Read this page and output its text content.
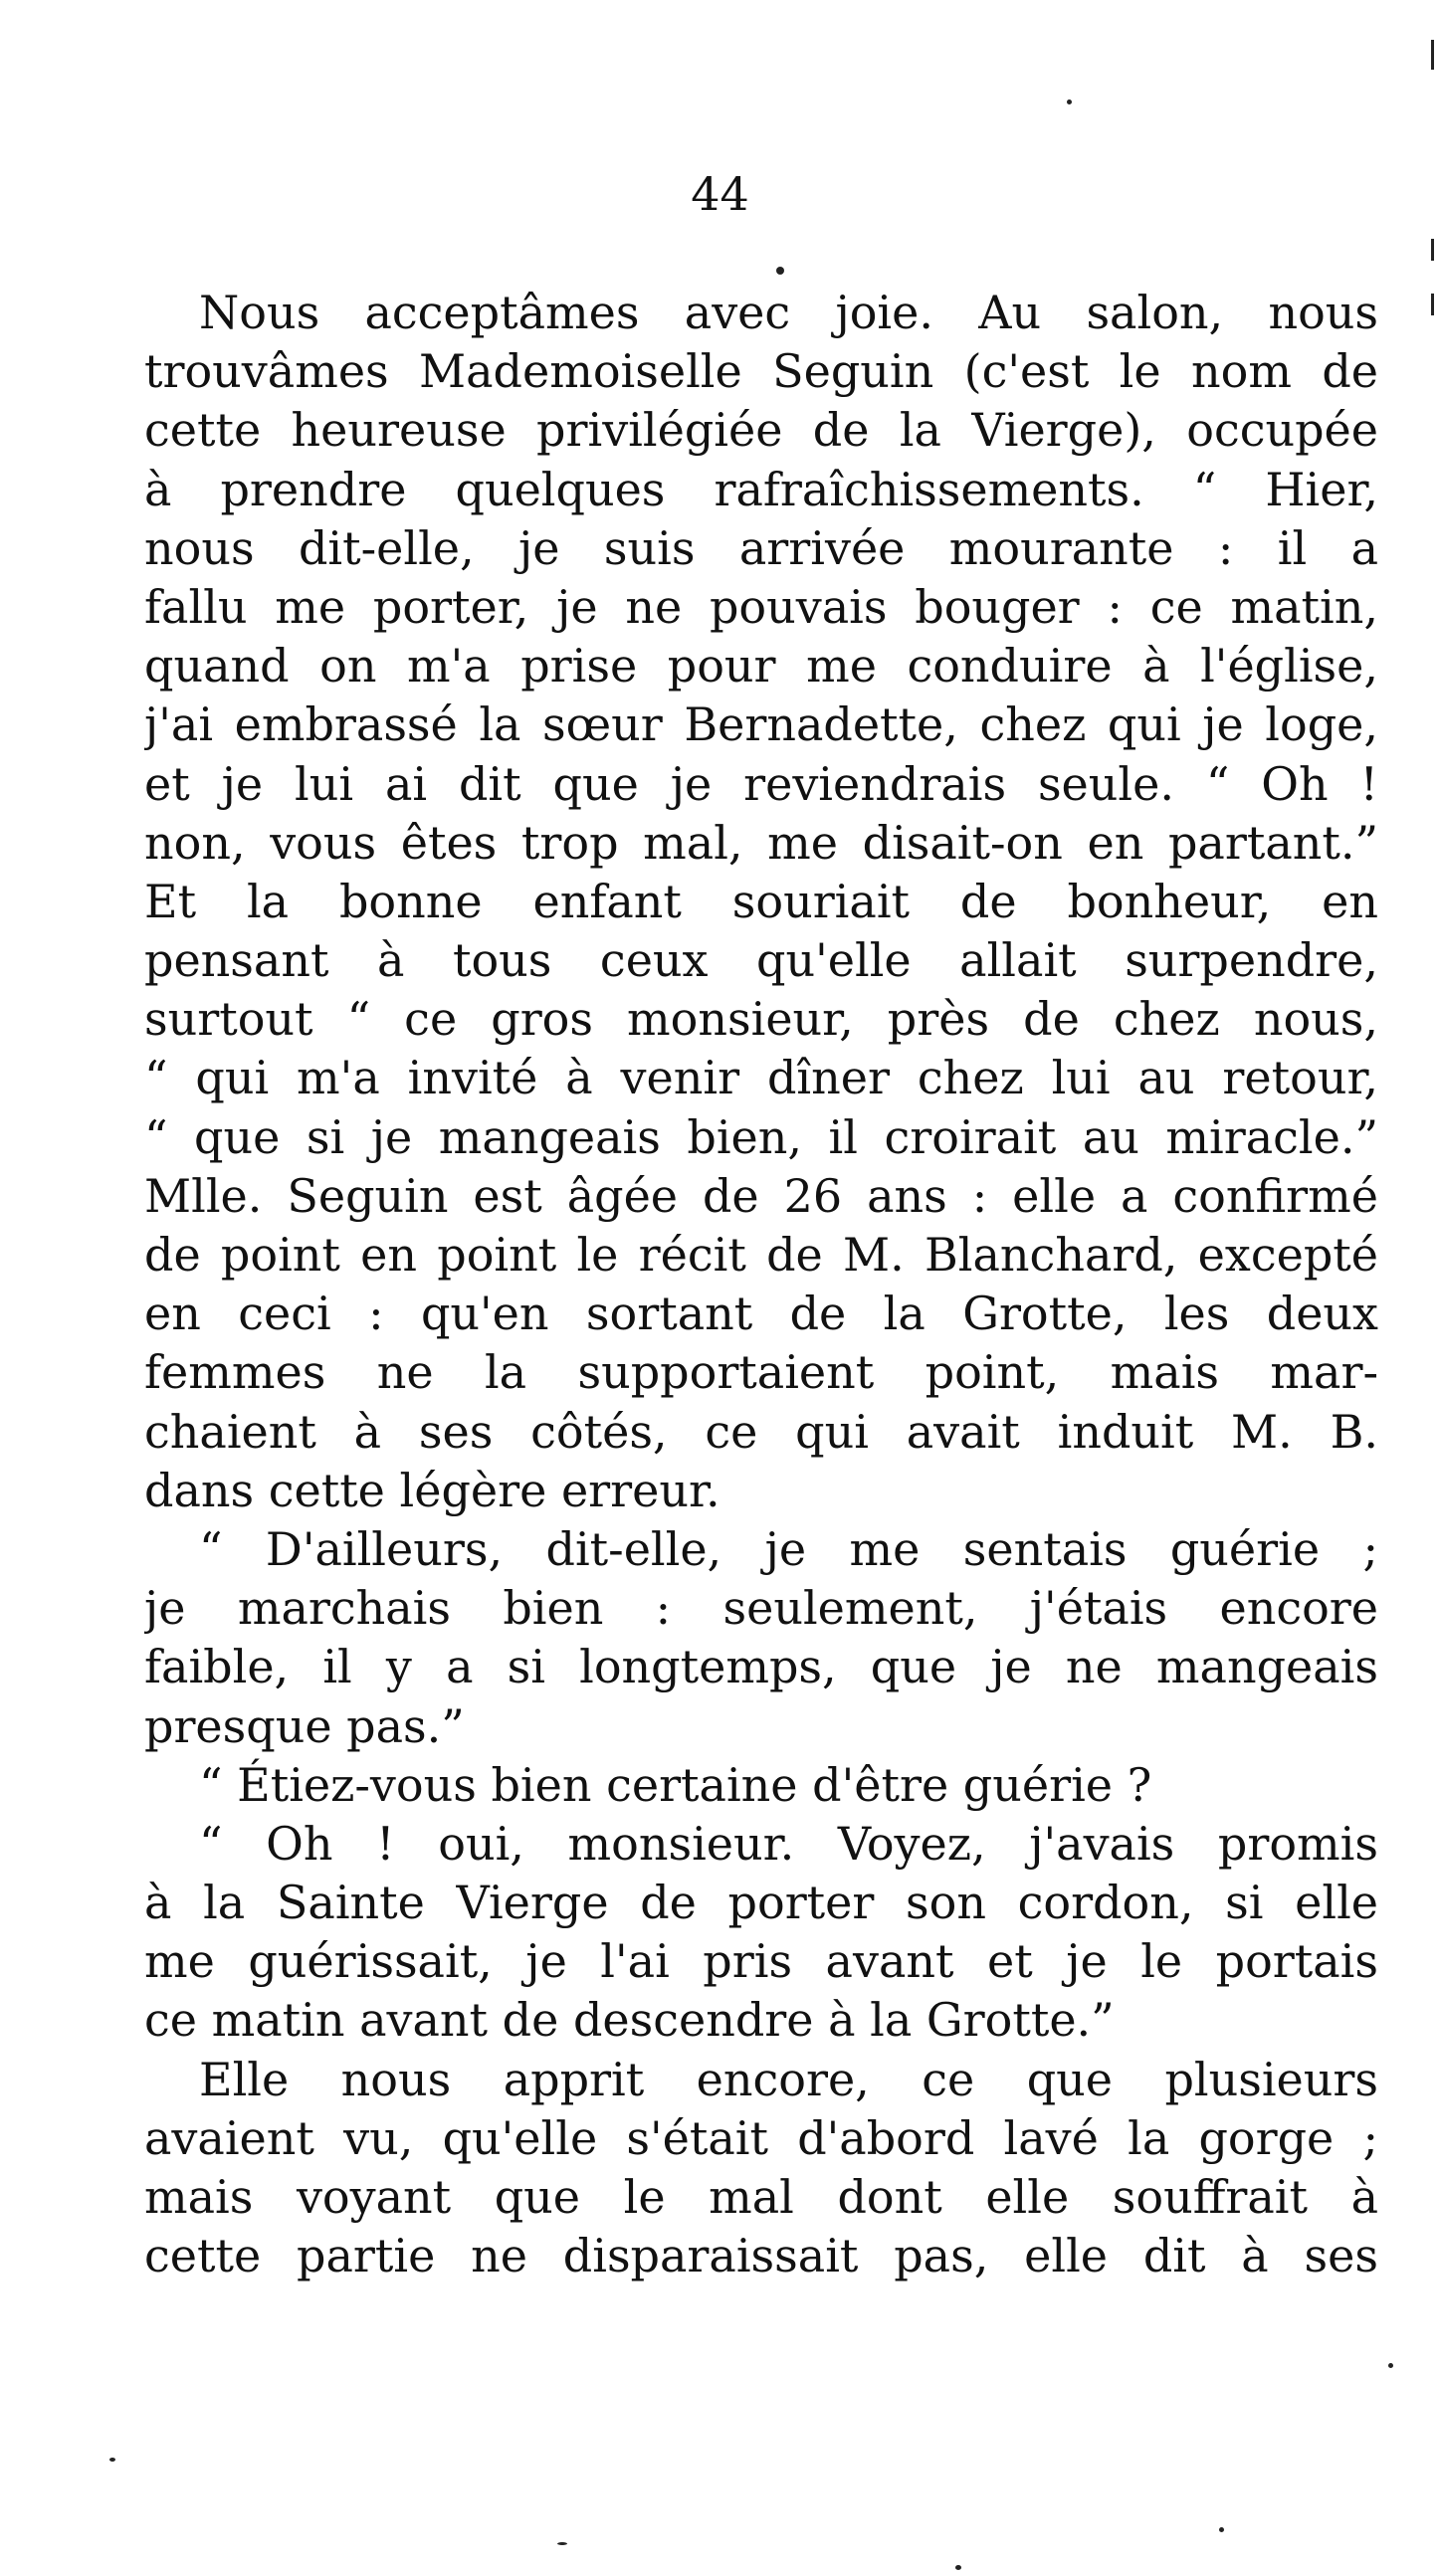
44
Nous acceptâmes avec joie. Au salon, nous
trouvâmes Mademoiselle Seguin (c'est le nom de
cette heureuse privilégiée de la Vierge), occupée
à prendre quelques rafraîchissements. “ Hier,
nous dit-elle, je suis arrivée mourante : il a
fallu me porter, je ne pouvais bouger : ce matin,
quand on m'a prise pour me conduire à l'église,
j'ai embrassé la sœur Bernadette, chez qui je loge,
et je lui ai dit que je reviendrais seule. “ Oh !
non, vous êtes trop mal, me disait-on en partant.”
Et la bonne enfant souriait de bonheur, en
pensant à tous ceux qu'elle allait surpendre,
surtout “ ce gros monsieur, près de chez nous,
“ qui m'a invité à venir dîner chez lui au retour,
“ que si je mangeais bien, il croirait au miracle.”
Mlle. Seguin est âgée de 26 ans : elle a confirmé
de point en point le récit de M. Blanchard, excepté
en ceci : qu'en sortant de la Grotte, les deux
femmes ne la supportaient point, mais mar-
chaient à ses côtés, ce qui avait induit M. B.
dans cette légère erreur.
“ D'ailleurs, dit-elle, je me sentais guérie ;
je marchais bien : seulement, j'étais encore
faible, il y a si longtemps, que je ne mangeais
presque pas.”
“ Étiez-vous bien certaine d'être guérie ?
“ Oh ! oui, monsieur. Voyez, j'avais promis
à la Sainte Vierge de porter son cordon, si elle
me guérissait, je l'ai pris avant et je le portais
ce matin avant de descendre à la Grotte.”
Elle nous apprit encore, ce que plusieurs
avaient vu, qu'elle s'était d'abord lavé la gorge ;
mais voyant que le mal dont elle souffrait à
cette partie ne disparaissait pas, elle dit à ses
